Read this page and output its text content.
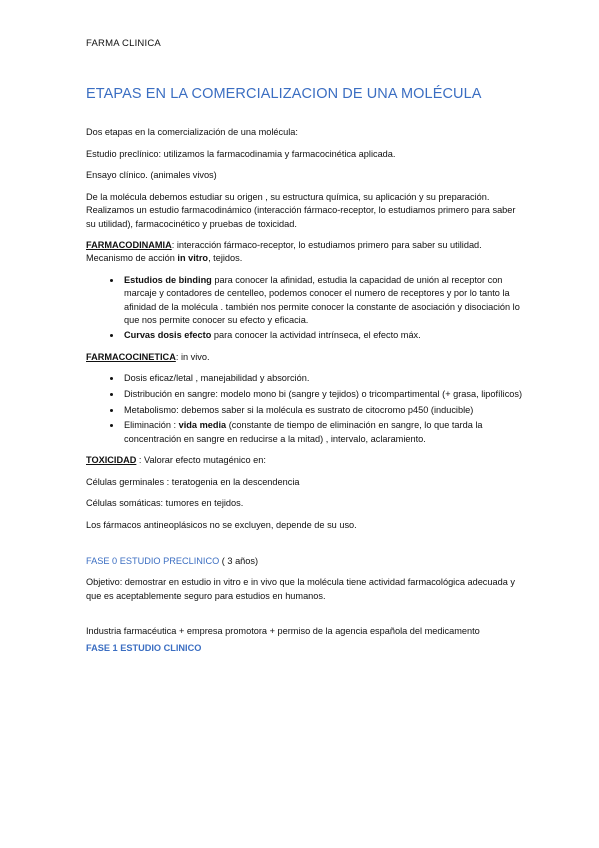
FARMA CLINICA
ETAPAS EN LA COMERCIALIZACION DE UNA MOLÉCULA

Dos etapas en la comercialización de una molécula:

Estudio preclínico: utilizamos la farmacodinamia y farmacocinética aplicada.

Ensayo clínico. (animales vivos)

De la molécula debemos estudiar su origen , su estructura química, su aplicación y su preparación. Realizamos un estudio farmacodinámico (interacción fármaco-receptor, lo estudiamos primero para saber su utilidad), farmacocinético y pruebas de toxicidad.

FARMACODINAMIA: interacción fármaco-receptor, lo estudiamos primero para saber su utilidad. Mecanismo de acción in vitro, tejidos.

• Estudios de binding para conocer la afinidad, estudia la capacidad de unión al receptor con marcaje y contadores de centelleo, podemos conocer el numero de receptores y por lo tanto la afinidad de la molécula . también nos permite conocer la constante de asociación y disociación lo que nos permite conocer su efecto y eficacia.
• Curvas dosis efecto para conocer la actividad intrínseca, el efecto máx.

FARMACOCINETICA: in vivo.

• Dosis eficaz/letal , manejabilidad y absorción.
• Distribución en sangre: modelo mono bi (sangre y tejidos) o tricompartimental (+ grasa, lipofílicos)
• Metabolismo: debemos saber si la molécula es sustrato de citocromo p450 (inducible)
• Eliminación : vida media (constante de tiempo de eliminación en sangre, lo que tarda la concentración en sangre en reducirse a la mitad) , intervalo, aclaramiento.

TOXICIDAD : Valorar efecto mutagénico en:

Células germinales : teratogenia en la descendencia

Células somáticas: tumores en tejidos.

Los fármacos antineoplásicos no se excluyen, depende de su uso.

FASE 0 ESTUDIO PRECLINICO ( 3 años)

Objetivo: demostrar en estudio in vitro e in vivo que la molécula tiene actividad farmacológica adecuada y que es aceptablemente seguro para estudios en humanos.

Industria farmacéutica + empresa promotora + permiso de la agencia española del medicamento

FASE 1 ESTUDIO CLINICO
